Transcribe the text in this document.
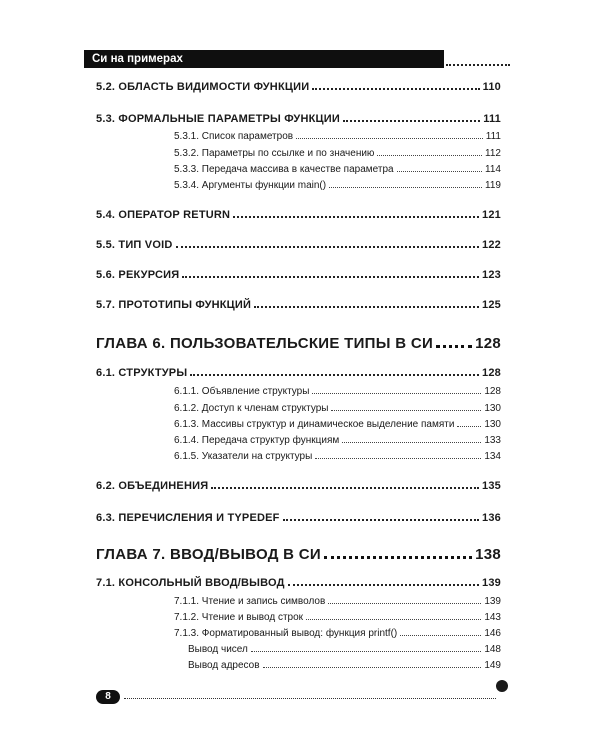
Си на примерах
5.2. ОБЛАСТЬ ВИДИМОСТИ ФУНКЦИИ	110
5.3. ФОРМАЛЬНЫЕ ПАРАМЕТРЫ ФУНКЦИИ	111
5.3.1. Список параметров	111
5.3.2. Параметры по ссылке и по значению	112
5.3.3. Передача массива в качестве параметра	114
5.3.4. Аргументы функции main()	119
5.4. ОПЕРАТОР RETURN	121
5.5. ТИП VOID	122
5.6. РЕКУРСИЯ	123
5.7. ПРОТОТИПЫ ФУНКЦИЙ	125
ГЛАВА 6. ПОЛЬЗОВАТЕЛЬСКИЕ ТИПЫ В СИ	128
6.1. СТРУКТУРЫ	128
6.1.1. Объявление структуры	128
6.1.2. Доступ к членам структуры	130
6.1.3. Массивы структур и динамическое выделение памяти	130
6.1.4. Передача структур функциям	133
6.1.5. Указатели на структуры	134
6.2. ОБЪЕДИНЕНИЯ	135
6.3. ПЕРЕЧИСЛЕНИЯ И TYPEDEF	136
ГЛАВА 7. ВВОД/ВЫВОД В СИ	138
7.1. КОНСОЛЬНЫЙ ВВОД/ВЫВОД	139
7.1.1. Чтение и запись символов	139
7.1.2. Чтение и вывод строк	143
7.1.3. Форматированный вывод: функция printf()	146
Вывод чисел	148
Вывод адресов	149
8
